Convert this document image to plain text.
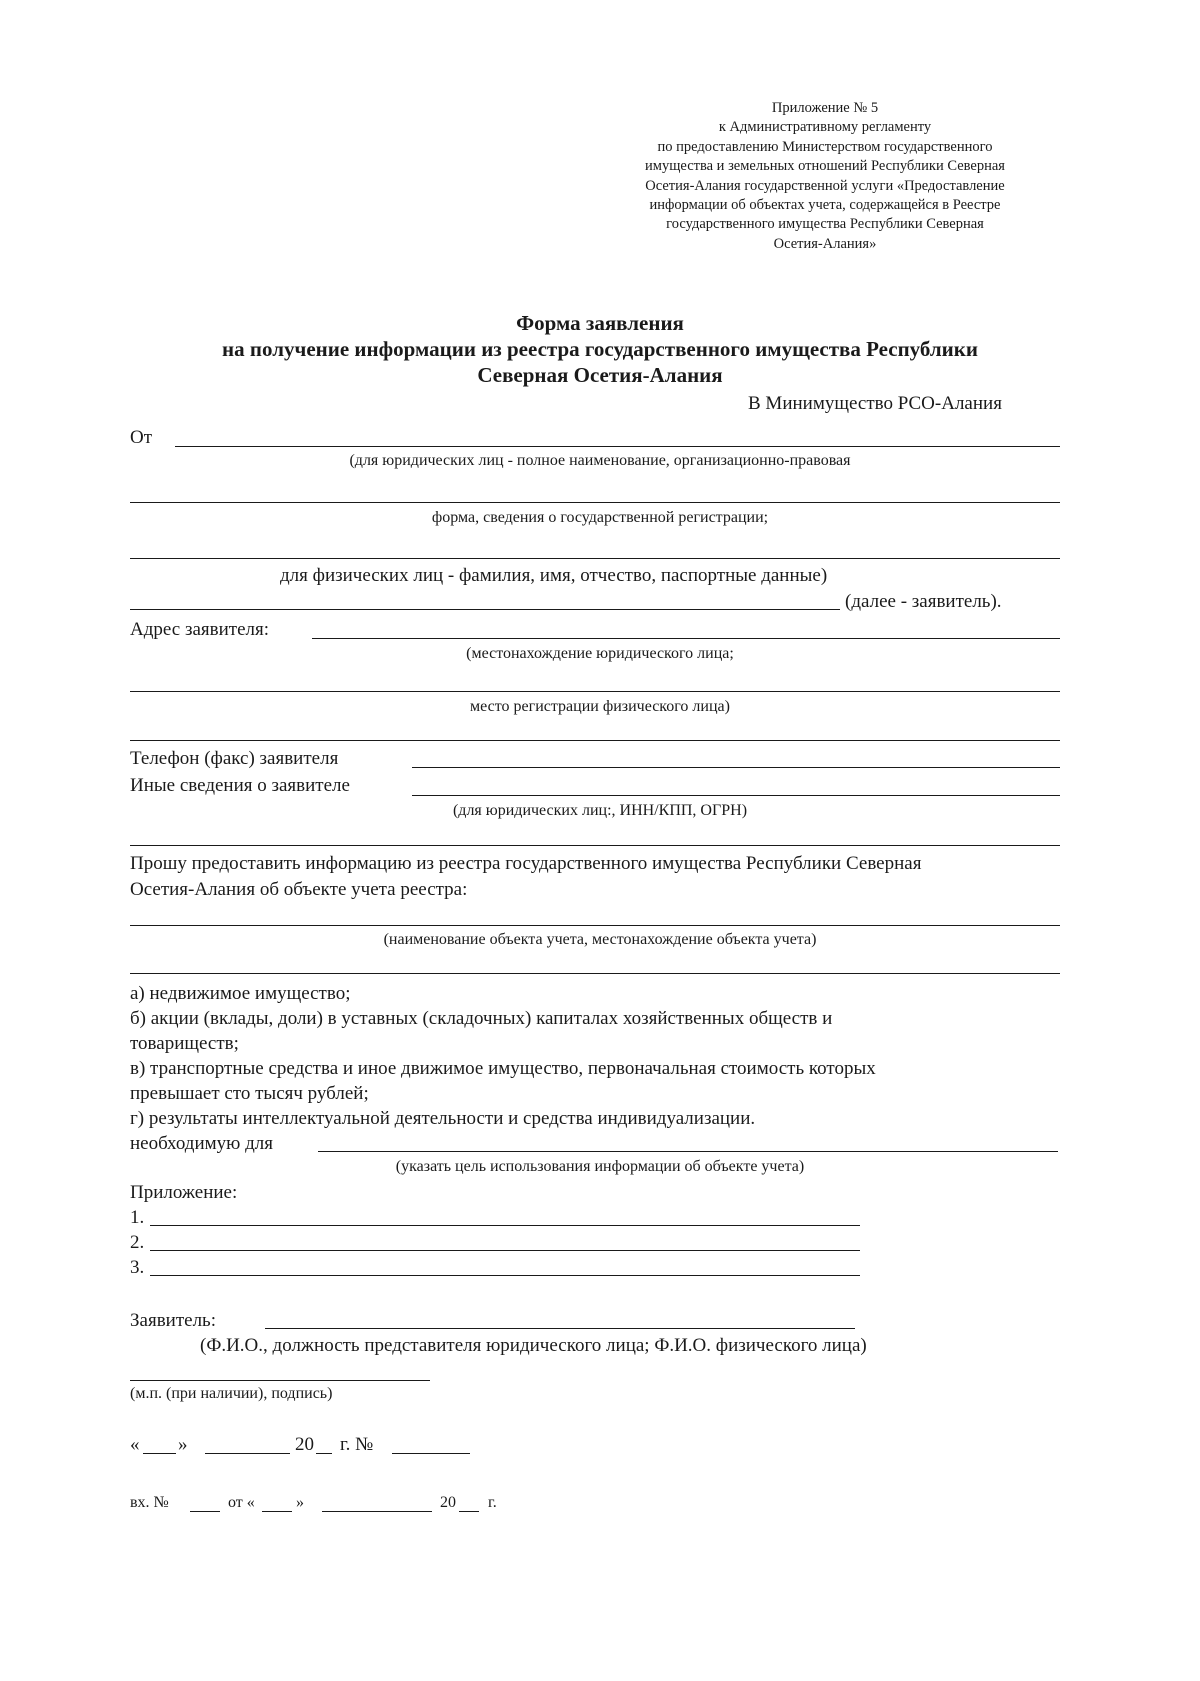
Приложение № 5
к Административному регламенту
по предоставлению Министерством государственного
имущества и земельных отношений Республики Северная
Осетия-Алания государственной услуги «Предоставление
информации об объектах учета, содержащейся в Реестре
государственного имущества Республики Северная
Осетия-Алания»
Форма заявления
на получение информации из реестра государственного имущества Республики
Северная Осетия-Алания
В Минимущество РСО-Алания
От
(для юридических лиц - полное наименование, организационно-правовая
форма, сведения о государственной регистрации;
для физических лиц - фамилия, имя, отчество, паспортные данные)
(далее - заявитель).
Адрес заявителя:
(местонахождение юридического лица;
место регистрации физического лица)
Телефон (факс) заявителя
Иные сведения о заявителе
(для юридических лиц:, ИНН/КПП, ОГРН)
Прошу предоставить информацию из реестра государственного имущества Республики Северная
Осетия-Алания об объекте учета реестра:
(наименование объекта учета, местонахождение объекта учета)
а) недвижимое имущество;
б) акции (вклады, доли) в уставных (складочных) капиталах хозяйственных обществ и
товариществ;
в) транспортные средства и иное движимое имущество, первоначальная стоимость которых
превышает сто тысяч рублей;
г) результаты интеллектуальной деятельности и средства индивидуализации.
необходимую для
(указать цель использования информации об объекте учета)
Приложение:
1.
2.
3.
Заявитель:
(Ф.И.О., должность представителя юридического лица; Ф.И.О. физического лица)
(м.п. (при наличии), подпись)
« »	20 г. №
вх. №	от «	»	20 г.
